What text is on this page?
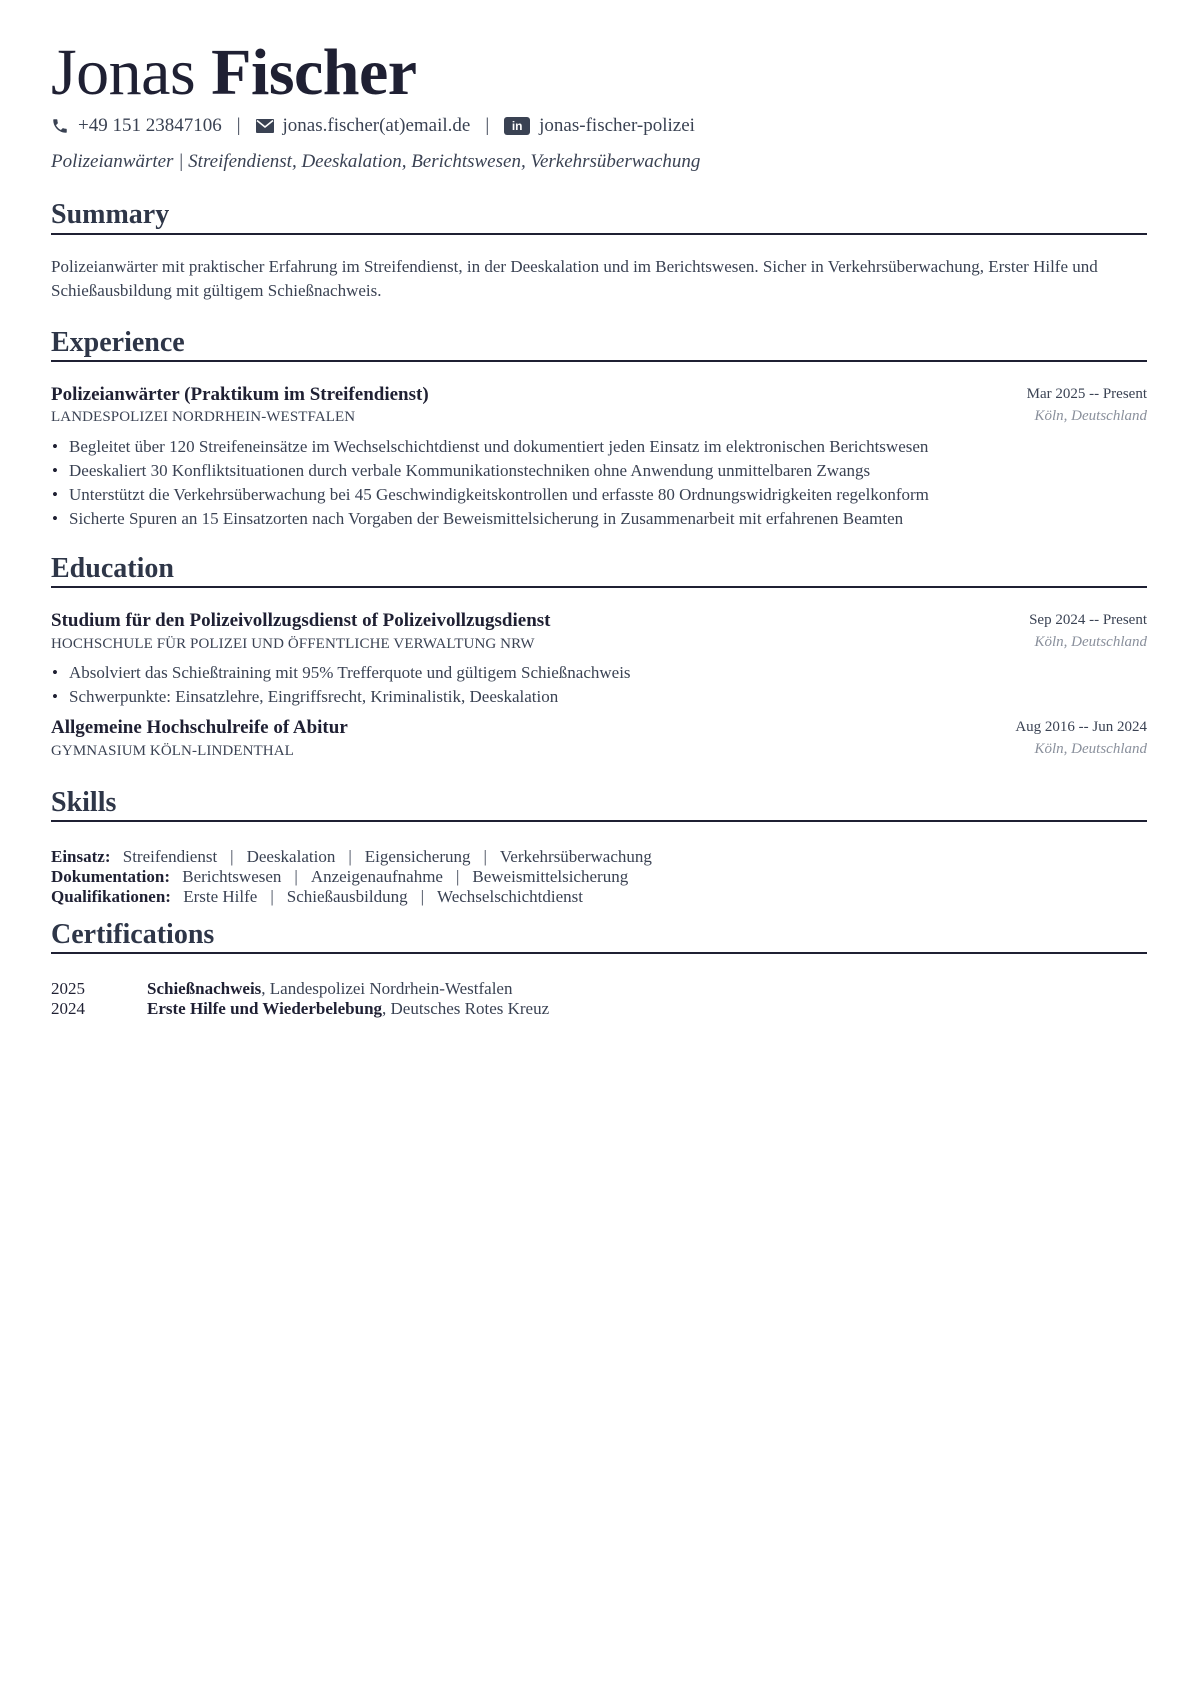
Jonas Fischer
+49 151 23847106 | jonas.fischer(at)email.de |	in jonas-fischer-polizei
Polizeianwärter | Streifendienst, Deeskalation, Berichtswesen, Verkehrsüberwachung
Summary
Polizeianwärter mit praktischer Erfahrung im Streifendienst, in der Deeskalation und im Berichtswesen. Sicher in Verkehrsüberwachung, Erster Hilfe und Schießausbildung mit gültigem Schießnachweis.
Experience
Polizeianwärter (Praktikum im Streifendienst)	Mar 2025 -- Present
LANDESPOLIZEI NORDRHEIN-WESTFALEN	Köln, Deutschland
• Begleitet über 120 Streifeneinsätze im Wechselschichtdienst und dokumentiert jeden Einsatz im elektronischen Berichtswesen
• Deeskaliert 30 Konfliktsituationen durch verbale Kommunikationstechniken ohne Anwendung unmittelbaren Zwangs
• Unterstützt die Verkehrsüberwachung bei 45 Geschwindigkeitskontrollen und erfasste 80 Ordnungswidrigkeiten regelkonform
• Sicherte Spuren an 15 Einsatzorten nach Vorgaben der Beweismittelsicherung in Zusammenarbeit mit erfahrenen Beamten
Education
Studium für den Polizeivollzugsdienst of Polizeivollzugsdienst	Sep 2024 -- Present
HOCHSCHULE FÜR POLIZEI UND ÖFFENTLICHE VERWALTUNG NRW	Köln, Deutschland
• Absolviert das Schießtraining mit 95% Trefferquote und gültigem Schießnachweis
• Schwerpunkte: Einsatzlehre, Eingriffsrecht, Kriminalistik, Deeskalation
Allgemeine Hochschulreife of Abitur	Aug 2016 -- Jun 2024
GYMNASIUM KÖLN-LINDENTHAL	Köln, Deutschland
Skills
Einsatz: Streifendienst | Deeskalation | Eigensicherung | Verkehrsüberwachung
Dokumentation: Berichtswesen | Anzeigenaufnahme | Beweismittelsicherung
Qualifikationen: Erste Hilfe | Schießausbildung | Wechselschichtdienst
Certifications
2025	Schießnachweis, Landespolizei Nordrhein-Westfalen
2024	Erste Hilfe und Wiederbelebung, Deutsches Rotes Kreuz
